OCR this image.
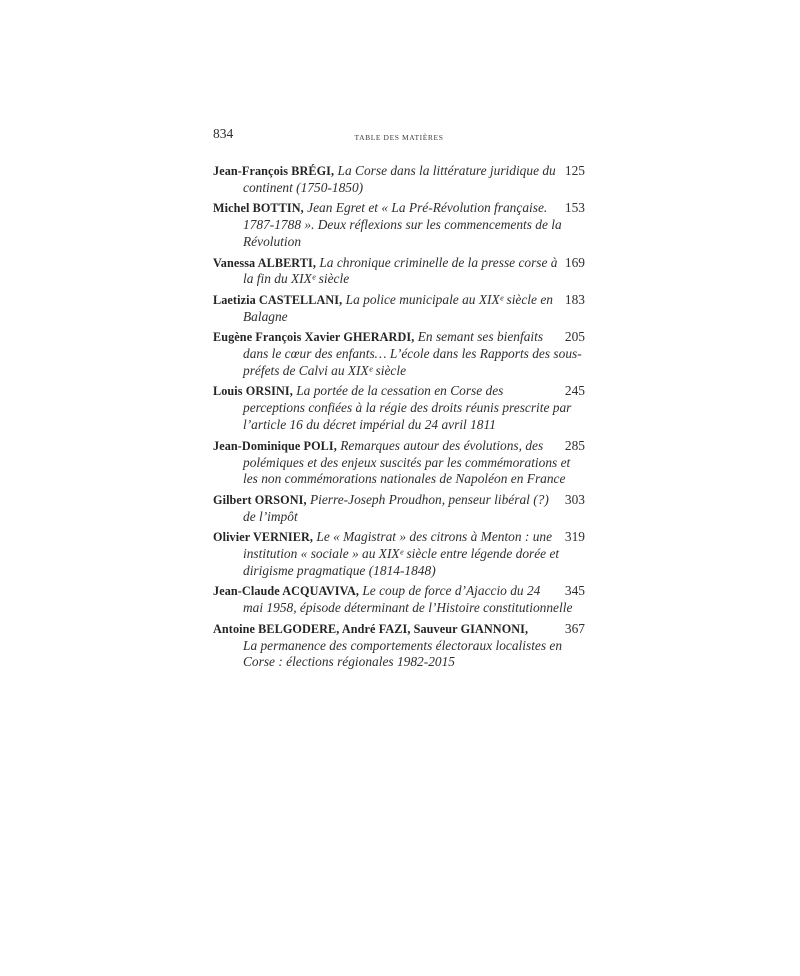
834	TABLE DES MATIÈRES
125
Jean-François BRÉGI, La Corse dans la littérature juridique du continent (1750-1850)
153
Michel BOTTIN, Jean Egret et « La Pré-Révolution française. 1787-1788 ». Deux réflexions sur les commencements de la Révolution
169
Vanessa ALBERTI, La chronique criminelle de la presse corse à la fin du XIXᵉ siècle
183
Laetizia CASTELLANI, La police municipale au XIXᵉ siècle en Balagne
205
Eugène François Xavier GHERARDI, En semant ses bienfaits dans le cœur des enfants… L’école dans les Rapports des sous-préfets de Calvi au XIXᵉ siècle
245
Louis ORSINI, La portée de la cessation en Corse des perceptions confiées à la régie des droits réunis prescrite par l’article 16 du décret impérial du 24 avril 1811
285
Jean-Dominique POLI, Remarques autour des évolutions, des polémiques et des enjeux suscités par les commémorations et les non commémorations nationales de Napoléon en France
303
Gilbert ORSONI, Pierre-Joseph Proudhon, penseur libéral (?) de l’impôt
319
Olivier VERNIER, Le « Magistrat » des citrons à Menton : une institution « sociale » au XIXᵉ siècle entre légende dorée et dirigisme pragmatique (1814-1848)
345
Jean-Claude ACQUAVIVA, Le coup de force d’Ajaccio du 24 mai 1958, épisode déterminant de l’Histoire constitutionnelle
367
Antoine BELGODERE, André FAZI, Sauveur GIANNONI,
La permanence des comportements électoraux localistes en Corse : élections régionales 1982-2015
